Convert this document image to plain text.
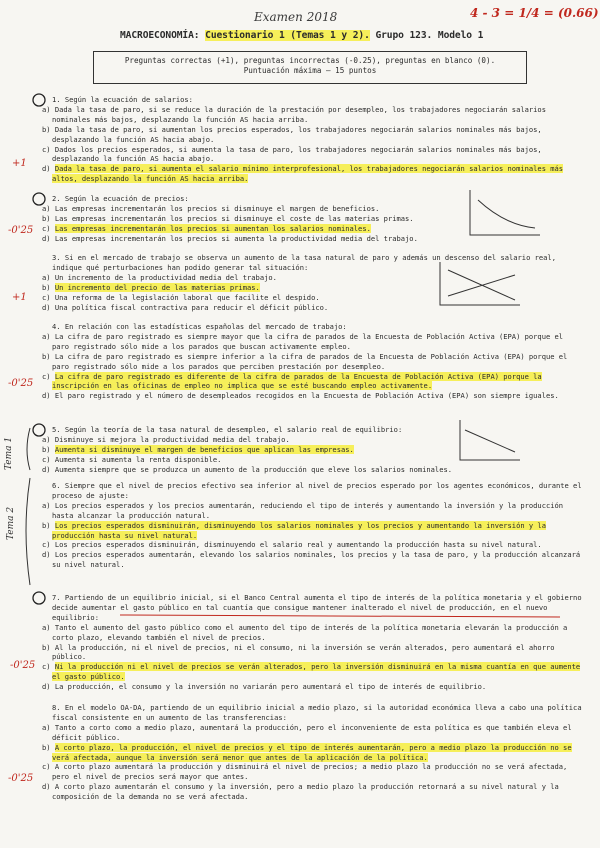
Examen 2018	4 - 3 = 1/4 = (0.66)
MACROECONOMÍA: Cuestionario 1 (Temas 1 y 2). Grupo 123. Modelo 1
Preguntas correctas (+1), preguntas incorrectas (-0.25), preguntas en blanco (0).
Puntuación máxima – 15 puntos
+1
-0'25
+1
-0'25
Tema 1
Tema 2
-0'25
-0'25

1. Según la ecuación de salarios:

a) Dada la tasa de paro, si se reduce la duración de la prestación por desempleo, los trabajadores negociarán salarios nominales más bajos, desplazando la función AS hacia arriba.

b) Dada la tasa de paro, si aumentan los precios esperados, los trabajadores negociarán salarios nominales más bajos, desplazando la función AS hacia abajo.

c) Dados los precios esperados, si aumenta la tasa de paro, los trabajadores negociarán salarios nominales más bajos, desplazando la función AS hacia abajo.

d) Dada la tasa de paro, si aumenta el salario mínimo interprofesional, los trabajadores negociarán salarios nominales más altos, desplazando la función AS hacia arriba.

2. Según la ecuación de precios:

a) Las empresas incrementarán los precios si disminuye el margen de beneficios.

b) Las empresas incrementarán los precios si disminuye el coste de las materias primas.

c) Las empresas incrementarán los precios si aumentan los salarios nominales.

d) Las empresas incrementarán los precios si aumenta la productividad media del trabajo.

3. Si en el mercado de trabajo se observa un aumento de la tasa natural de paro y además un descenso del salario real, indique qué perturbaciones han podido generar tal situación:

a) Un incremento de la productividad media del trabajo.

b) Un incremento del precio de las materias primas.

c) Una reforma de la legislación laboral que facilite el despido.

d) Una política fiscal contractiva para reducir el déficit público.

4. En relación con las estadísticas españolas del mercado de trabajo:

a) La cifra de paro registrado es siempre mayor que la cifra de parados de la Encuesta de Población Activa (EPA) porque el paro registrado sólo mide a los parados que buscan activamente empleo.

b) La cifra de paro registrado es siempre inferior a la cifra de parados de la Encuesta de Población Activa (EPA) porque el paro registrado sólo mide a los parados que perciben prestación por desempleo.

c) La cifra de paro registrado es diferente de la cifra de parados de la Encuesta de Población Activa (EPA) porque la inscripción en las oficinas de empleo no implica que se esté buscando empleo activamente.

d) El paro registrado y el número de desempleados recogidos en la Encuesta de Población Activa (EPA) son siempre iguales.

5. Según la teoría de la tasa natural de desempleo, el salario real de equilibrio:

a) Disminuye si mejora la productividad media del trabajo.

b) Aumenta si disminuye el margen de beneficios que aplican las empresas.

c) Aumenta si aumenta la renta disponible.

d) Aumenta siempre que se produzca un aumento de la producción que eleve los salarios nominales.

6. Siempre que el nivel de precios efectivo sea inferior al nivel de precios esperado por los agentes económicos, durante el proceso de ajuste:

a) Los precios esperados y los precios aumentarán, reduciendo el tipo de interés y aumentando la inversión y la producción hasta alcanzar la producción natural.

b) Los precios esperados disminuirán, disminuyendo los salarios nominales y los precios y aumentando la inversión y la producción hasta su nivel natural.

c) Los precios esperados disminuirán, disminuyendo el salario real y aumentando la producción hasta su nivel natural.

d) Los precios esperados aumentarán, elevando los salarios nominales, los precios y la tasa de paro, y la producción alcanzará su nivel natural.

7. Partiendo de un equilibrio inicial, si el Banco Central aumenta el tipo de interés de la política monetaria y el gobierno decide aumentar el gasto público en tal cuantía que consigue mantener inalterado el nivel de producción, en el nuevo equilibrio:

a) Tanto el aumento del gasto público como el aumento del tipo de interés de la política monetaria elevarán la producción a corto plazo, elevando también el nivel de precios.

b) Al la producción, ni el nivel de precios, ni el consumo, ni la inversión se verán alterados, pero aumentará el ahorro público.

c) Ni la producción ni el nivel de precios se verán alterados, pero la inversión disminuirá en la misma cuantía en que aumente el gasto público.

d) La producción, el consumo y la inversión no variarán pero aumentará el tipo de interés de equilibrio.

8. En el modelo OA-DA, partiendo de un equilibrio inicial a medio plazo, si la autoridad económica lleva a cabo una política fiscal consistente en un aumento de las transferencias:

a) Tanto a corto como a medio plazo, aumentará la producción, pero el inconveniente de esta política es que también eleva el déficit público.

b) A corto plazo, la producción, el nivel de precios y el tipo de interés aumentarán, pero a medio plazo la producción no se verá afectada, aunque la inversión será menor que antes de la aplicación de la política.

c) A corto plazo aumentará la producción y disminuirá el nivel de precios; a medio plazo la producción no se verá afectada, pero el nivel de precios será mayor que antes.

d) A corto plazo aumentarán el consumo y la inversión, pero a medio plazo la producción retornará a su nivel natural y la composición de la demanda no se verá afectada.
